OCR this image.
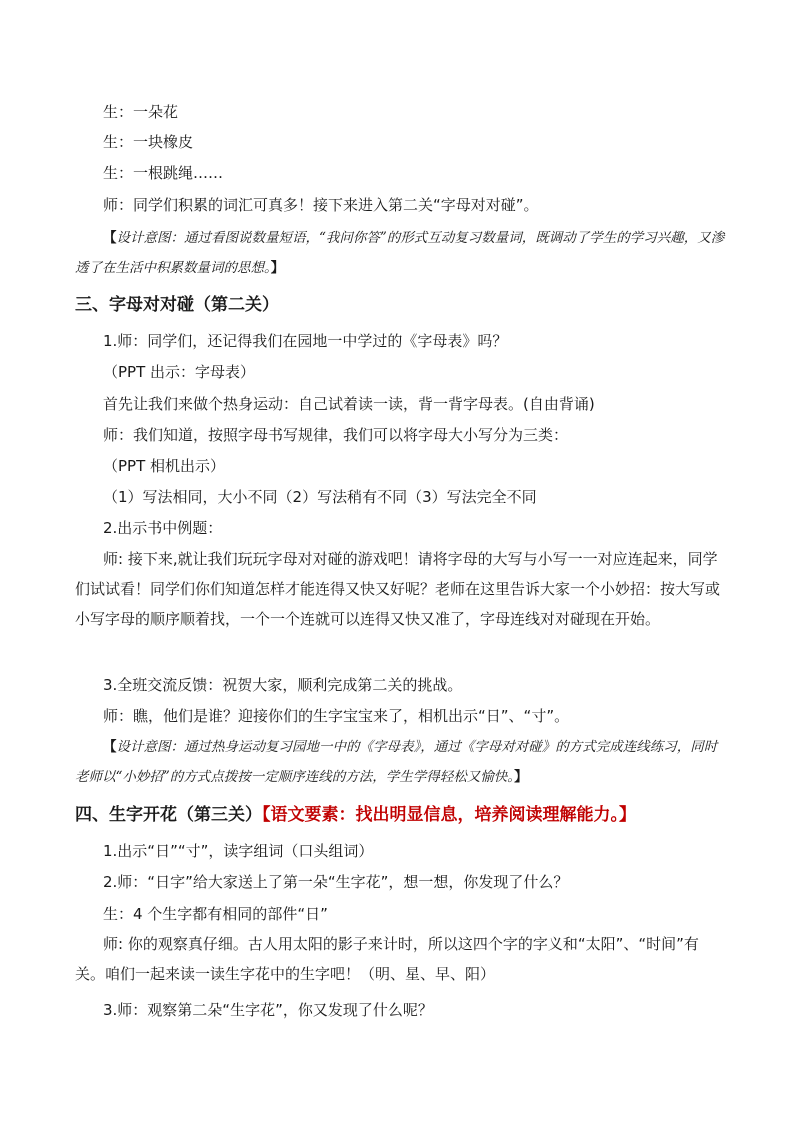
生：一朵花
生：一块橡皮
生：一根跳绳……
师：同学们积累的词汇可真多！接下来进入第二关“字母对对碰”。
【设计意图：通过看图说数量短语，“我问你答”的形式互动复习数量词，既调动了学生的学习兴趣，又渗透了在生活中积累数量词的思想。】
三、字母对对碰（第二关）
1.师：同学们，还记得我们在园地一中学过的《字母表》吗？
（PPT 出示：字母表）
首先让我们来做个热身运动：自己试着读一读，背一背字母表。(自由背诵)
师：我们知道，按照字母书写规律，我们可以将字母大小写分为三类：
（PPT 相机出示）
（1）写法相同，大小不同（2）写法稍有不同（3）写法完全不同
2.出示书中例题：
师: 接下来,就让我们玩玩字母对对碰的游戏吧！请将字母的大写与小写一一对应连起来，同学们试试看！同学们你们知道怎样才能连得又快又好呢？老师在这里告诉大家一个小妙招：按大写或小写字母的顺序顺着找，一个一个连就可以连得又快又准了，字母连线对对碰现在开始。
3.全班交流反馈：祝贺大家，顺利完成第二关的挑战。
师：瞧，他们是谁？迎接你们的生字宝宝来了，相机出示“日”、“寸”。
【设计意图：通过热身运动复习园地一中的《字母表》，通过《字母对对碰》的方式完成连线练习，同时老师以“小妙招”的方式点拨按一定顺序连线的方法，学生学得轻松又愉快。】
四、生字开花（第三关）【语文要素：找出明显信息，培养阅读理解能力。】
1.出示“日”“寸”，读字组词（口头组词）
2.师：“日字”给大家送上了第一朵“生字花”，想一想，你发现了什么？
生：4 个生字都有相同的部件“日”
师: 你的观察真仔细。古人用太阳的影子来计时，所以这四个字的字义和“太阳”、“时间”有关。咱们一起来读一读生字花中的生字吧！（明、星、早、阳）
3.师：观察第二朵“生字花”，你又发现了什么呢？
